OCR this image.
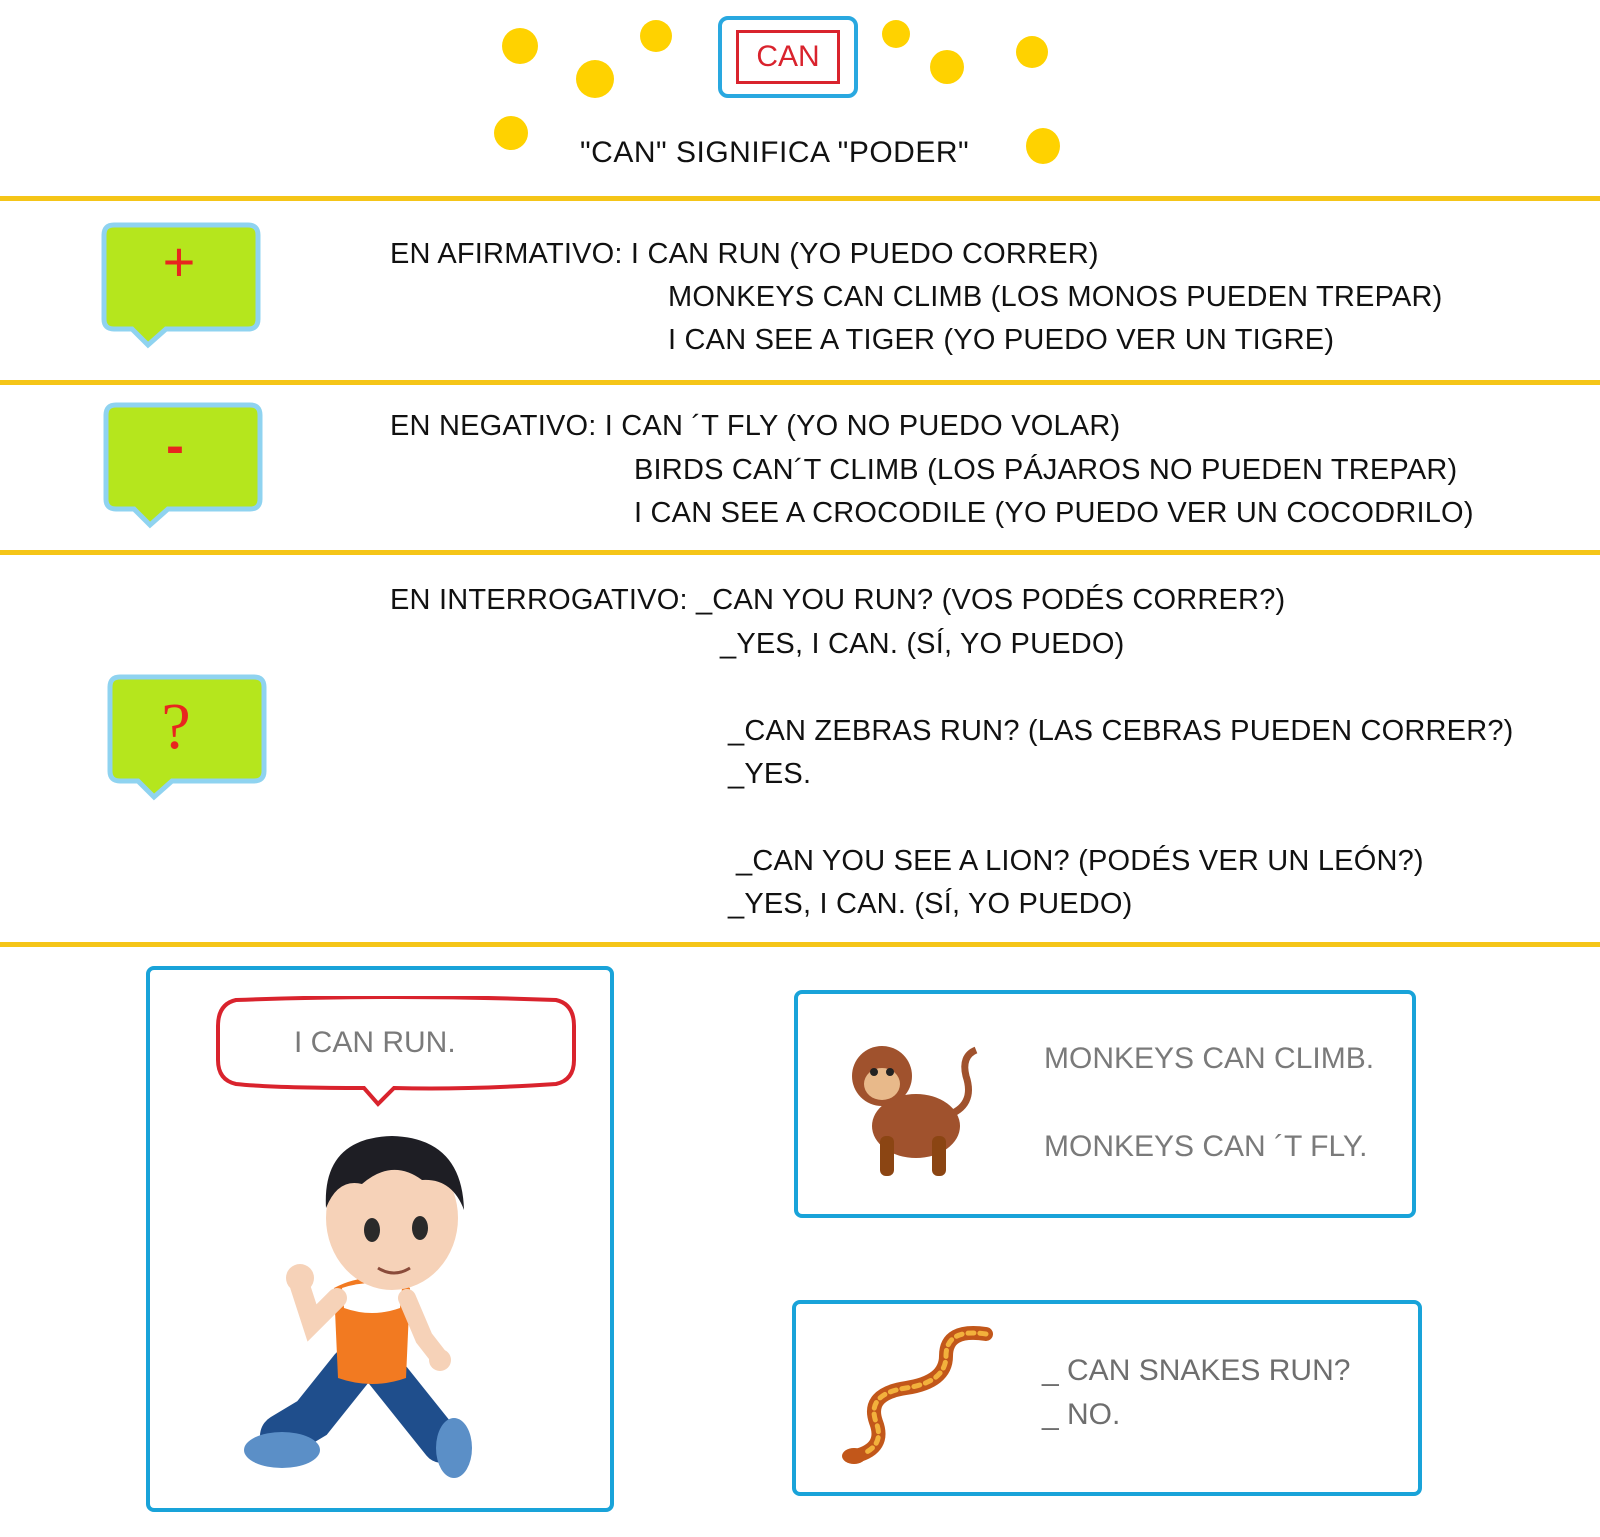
CAN
"CAN" SIGNIFICA "PODER"
+
-
?
EN AFIRMATIVO: I CAN RUN (YO PUEDO CORRER)
MONKEYS CAN CLIMB (LOS MONOS PUEDEN TREPAR)
I CAN SEE A TIGER (YO PUEDO VER UN TIGRE)
EN NEGATIVO: I CAN ´T FLY (YO NO PUEDO VOLAR)
BIRDS CAN´T CLIMB (LOS PÁJAROS NO PUEDEN TREPAR)
I CAN SEE A CROCODILE (YO PUEDO VER UN COCODRILO)
EN INTERROGATIVO: _CAN YOU RUN? (VOS PODÉS CORRER?)
_YES, I CAN. (SÍ, YO PUEDO)
_CAN ZEBRAS RUN? (LAS CEBRAS PUEDEN CORRER?)
_YES.
_CAN YOU SEE A LION? (PODÉS VER UN LEÓN?)
_YES, I CAN. (SÍ, YO PUEDO)
I CAN RUN.	MONKEYS CAN CLIMB.
MONKEYS CAN ´T FLY.
_ CAN SNAKES RUN?
_ NO.
